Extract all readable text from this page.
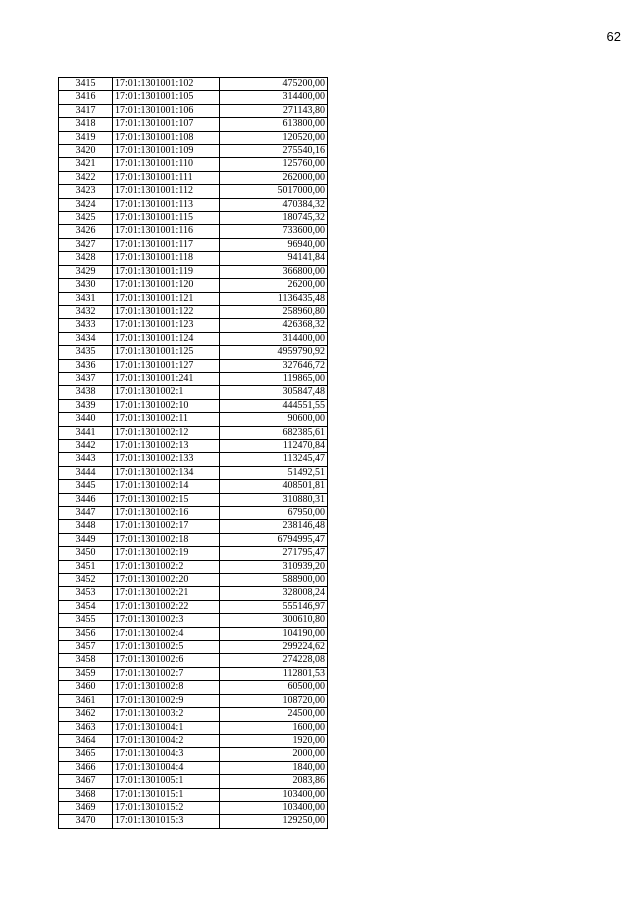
62
3415	17:01:1301001:102	475200,00
3416	17:01:1301001:105	314400,00
3417	17:01:1301001:106	271143,80
3418	17:01:1301001:107	613800,00
3419	17:01:1301001:108	120520,00
3420	17:01:1301001:109	275540,16
3421	17:01:1301001:110	125760,00
3422	17:01:1301001:111	262000,00
3423	17:01:1301001:112	5017000,00
3424	17:01:1301001:113	470384,32
3425	17:01:1301001:115	180745,32
3426	17:01:1301001:116	733600,00
3427	17:01:1301001:117	96940,00
3428	17:01:1301001:118	94141,84
3429	17:01:1301001:119	366800,00
3430	17:01:1301001:120	26200,00
3431	17:01:1301001:121	1136435,48
3432	17:01:1301001:122	258960,80
3433	17:01:1301001:123	426368,32
3434	17:01:1301001:124	314400,00
3435	17:01:1301001:125	4959790,92
3436	17:01:1301001:127	327646,72
3437	17:01:1301001:241	119865,00
3438	17:01:1301002:1	305847,48
3439	17:01:1301002:10	444551,55
3440	17:01:1301002:11	90600,00
3441	17:01:1301002:12	682385,61
3442	17:01:1301002:13	112470,84
3443	17:01:1301002:133	113245,47
3444	17:01:1301002:134	51492,51
3445	17:01:1301002:14	408501,81
3446	17:01:1301002:15	310880,31
3447	17:01:1301002:16	67950,00
3448	17:01:1301002:17	238146,48
3449	17:01:1301002:18	6794995,47
3450	17:01:1301002:19	271795,47
3451	17:01:1301002:2	310939,20
3452	17:01:1301002:20	588900,00
3453	17:01:1301002:21	328008,24
3454	17:01:1301002:22	555146,97
3455	17:01:1301002:3	300610,80
3456	17:01:1301002:4	104190,00
3457	17:01:1301002:5	299224,62
3458	17:01:1301002:6	274228,08
3459	17:01:1301002:7	112801,53
3460	17:01:1301002:8	60500,00
3461	17:01:1301002:9	108720,00
3462	17:01:1301003:2	24500,00
3463	17:01:1301004:1	1600,00
3464	17:01:1301004:2	1920,00
3465	17:01:1301004:3	2000,00
3466	17:01:1301004:4	1840,00
3467	17:01:1301005:1	2083,86
3468	17:01:1301015:1	103400,00
3469	17:01:1301015:2	103400,00
3470	17:01:1301015:3	129250,00
